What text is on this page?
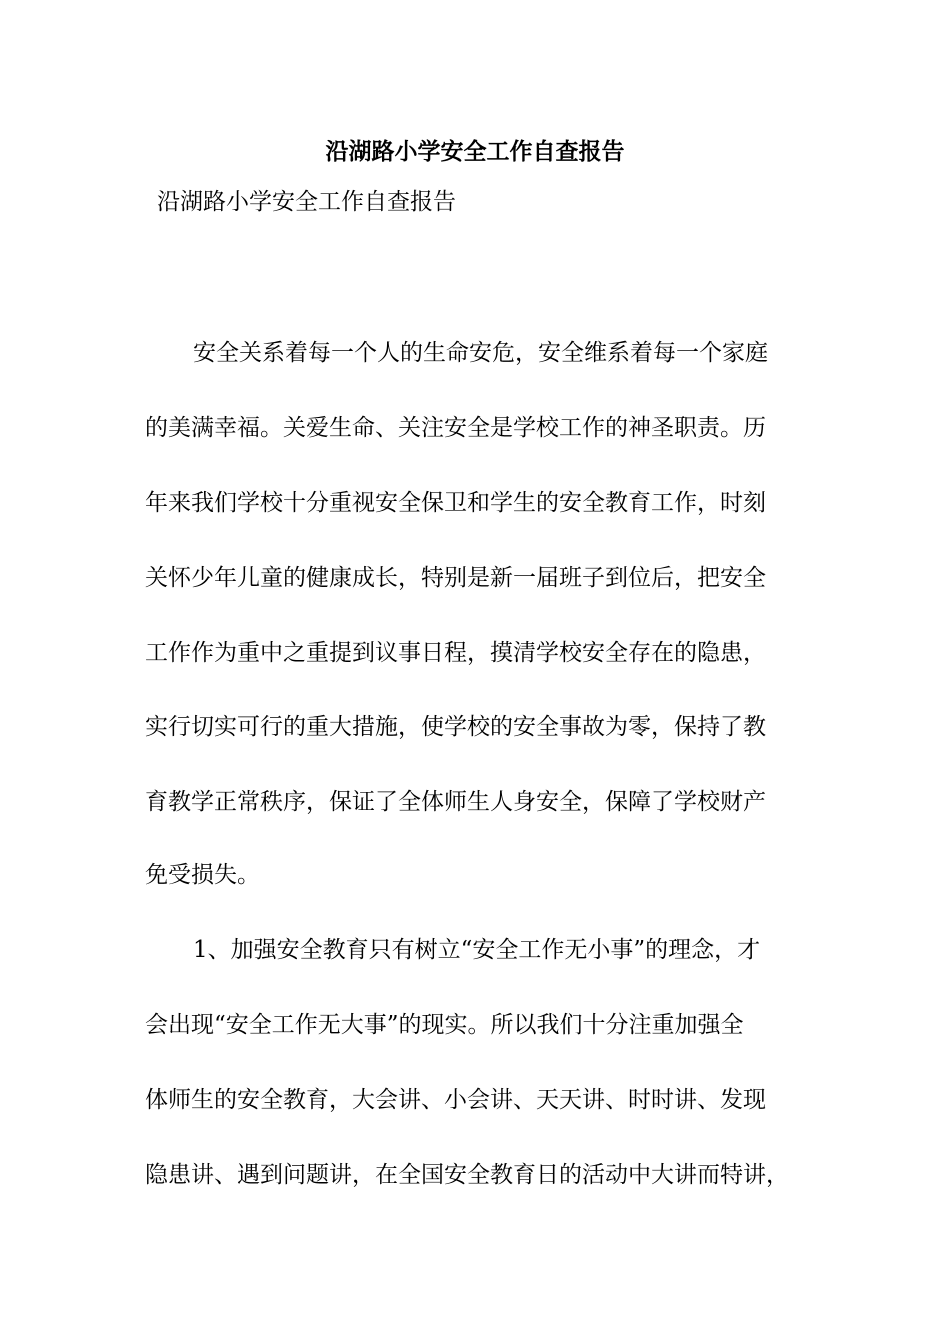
沿湖路小学安全工作自查报告
沿湖路小学安全工作自查报告
安全关系着每一个人的生命安危，安全维系着每一个家庭
的美满幸福。关爱生命、关注安全是学校工作的神圣职责。历
年来我们学校十分重视安全保卫和学生的安全教育工作，时刻
关怀少年儿童的健康成长，特别是新一届班子到位后，把安全
工作作为重中之重提到议事日程，摸清学校安全存在的隐患，
实行切实可行的重大措施，使学校的安全事故为零，保持了教
育教学正常秩序，保证了全体师生人身安全，保障了学校财产
免受损失。
1、加强安全教育只有树立“安全工作无小事”的理念，才
会出现“安全工作无大事”的现实。所以我们十分注重加强全
体师生的安全教育，大会讲、小会讲、天天讲、时时讲、发现
隐患讲、遇到问题讲，在全国安全教育日的活动中大讲而特讲，
